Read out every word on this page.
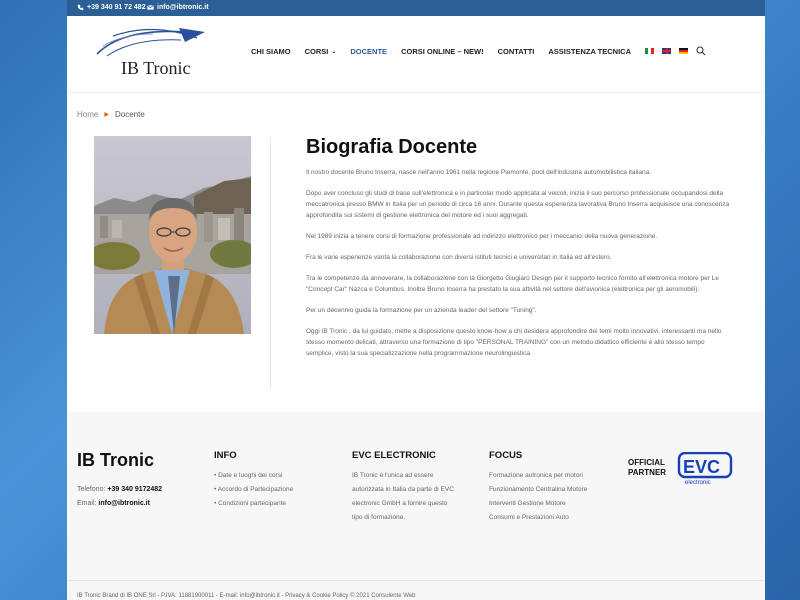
+39 340 91 72 482 info@ibtronic.it
IB Tronic
CHI SIAMO CORSI ⌄ DOCENTE CORSI ONLINE – NEW! CONTATTI ASSISTENZA TECNICA
Home ▶ Docente
Biografia Docente

Il nostro docente Bruno Inserra, nasce nell'anno 1961 nella regione Piemonte, pool dell'industria automobilistica italiana.

Dopo aver concluso gli studi di base sull'elettronica e in particolar modo applicata al veicoli, inizia il suo percorso professionale occupandosi della meccatronica presso BMW in Italia per un periodo di circa 16 anni. Durante questa esperienza lavorativa Bruno Inserra acquisisce una conoscenza approfondita sui sistemi di gestione elettronica del motore ed i suoi aggregati.

Nel 1989 inizia a tenere corsi di formazione professionale ad indirizzo elettronico per i meccanici della nuova generazione.

Fra le varie esperienze vanta la collaborazione con diversi istituti tecnici e universitari in Italia ed all'estero.

Tra le competenze da annoverare, la collaborazione con la Giorgetto Giugiaro Design per il supporto tecnico fornito all'elettronica motore per Le "Concept Car" Nàzca e Columbus. Inoltre Bruno Inserra ha prestato la sua attività nel settore dell'avionica (elettronica per gli aeromobili).

Per un decennio guida la formazione per un azienda leader del settore "Tuning".

Oggi IB Tronic , da lui guidato, mette a disposizione questo know-how a chi desidera approfondire dei temi molto innovativi, interessanti ma nello stesso momento delicati, attraverso una formazione di tipo "PERSONAL TRAINING" con un metodo didattico efficiente e allo stesso tempo semplice, visto la sua specializzazione nella programmazione neurolinguistica.

IB Tronic
Telefono: +39 340 9172482
Email: info@ibtronic.it
INFO
• Date e luoghi dei corsi
• Accordo di Partecipazione
• Condizioni partecipante
EVC ELECTRONIC
IB Tronic è l'unica ad essere
autorizzata in Italia da parte di EVC
electronic GmbH a fornire questo
tipo di formazione.
FOCUS
Formazione autronica per motori
Funzionamento Centralina Motore
Interventi Gestione Motore
Consumi e Prestazioni Auto
OFFICIAL
PARTNER EVC
electronic
IB Tronic Brand di IB ONE Srl - P.IVA: 11881900011 - E-mail: info@ibtronic.it - Privacy & Cookie Policy © 2021 Consulente Web
